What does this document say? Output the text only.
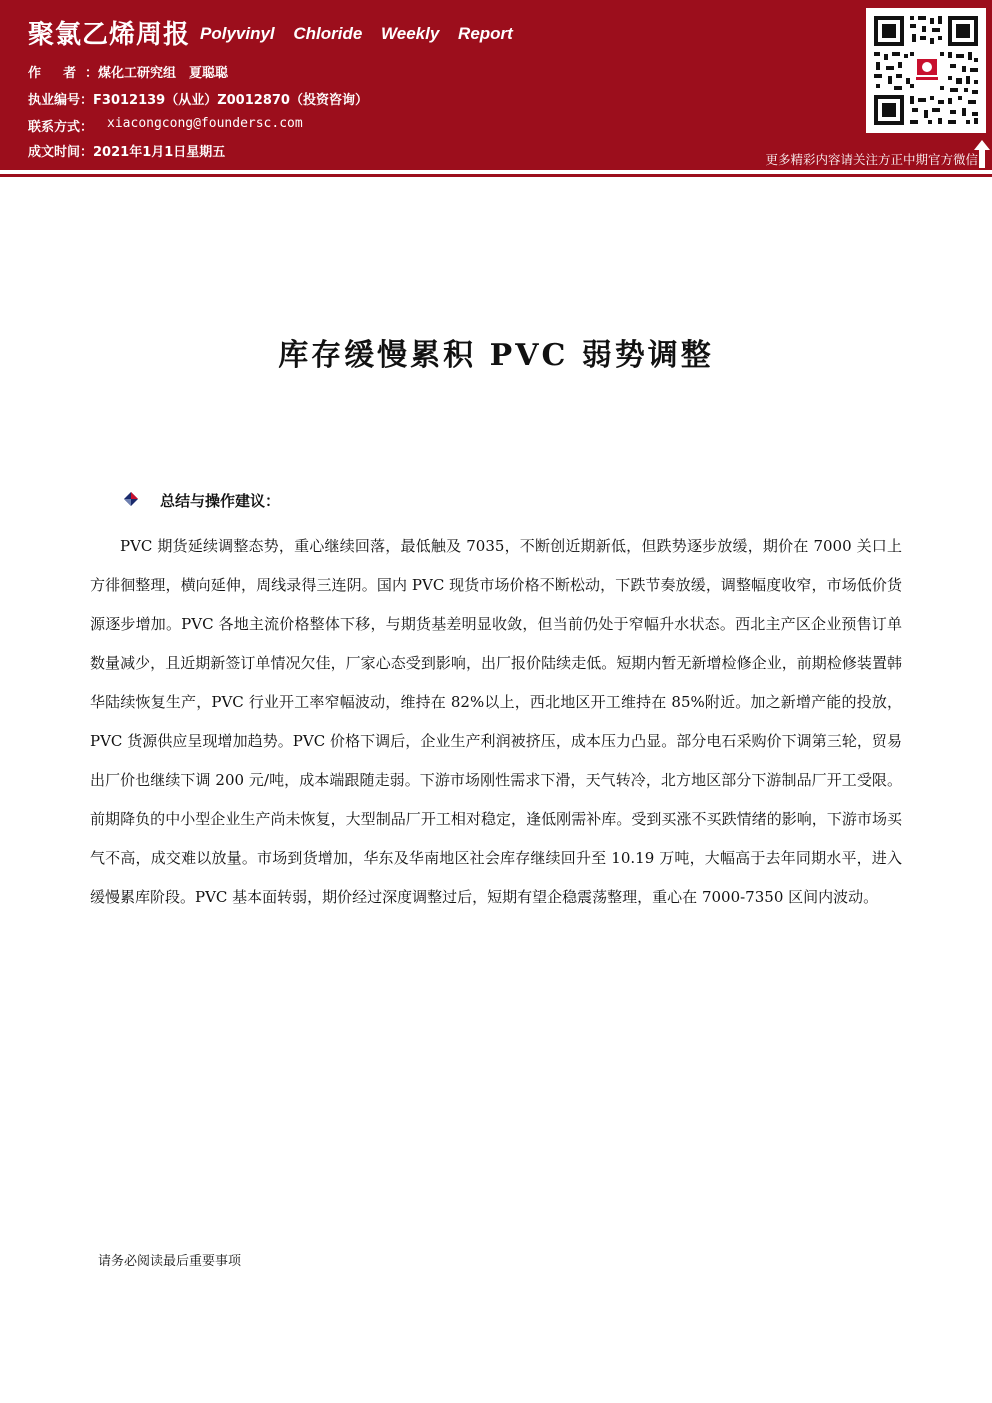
聚氯乙烯周报 Polyvinyl Chloride Weekly Report
作 者： 煤化工研究组　夏聪聪
执业编号： F3012139（从业）Z0012870（投资咨询）
联系方式： xiacongcong@foundersc.com
成文时间： 2021年1月1日星期五	更多精彩内容请关注方正中期官方微信
库存缓慢累积 PVC 弱势调整
总结与操作建议：

PVC 期货延续调整态势，重心继续回落，最低触及 7035，不断创近期新低，但跌势逐步放缓，期价在 7000 关口上方徘徊整理，横向延伸，周线录得三连阴。国内 PVC 现货市场价格不断松动，下跌节奏放缓，调整幅度收窄，市场低价货源逐步增加。PVC 各地主流价格整体下移，与期货基差明显收敛，但当前仍处于窄幅升水状态。西北主产区企业预售订单数量减少，且近期新签订单情况欠佳，厂家心态受到影响，出厂报价陆续走低。短期内暂无新增检修企业，前期检修装置韩华陆续恢复生产，PVC 行业开工率窄幅波动，维持在 82%以上，西北地区开工维持在 85%附近。加之新增产能的投放，PVC 货源供应呈现增加趋势。PVC 价格下调后，企业生产利润被挤压，成本压力凸显。部分电石采购价下调第三轮，贸易出厂价也继续下调 200 元/吨，成本端跟随走弱。下游市场刚性需求下滑，天气转冷，北方地区部分下游制品厂开工受限。前期降负的中小型企业生产尚未恢复，大型制品厂开工相对稳定，逢低刚需补库。受到买涨不买跌情绪的影响，下游市场买气不高，成交难以放量。市场到货增加，华东及华南地区社会库存继续回升至 10.19 万吨，大幅高于去年同期水平，进入缓慢累库阶段。PVC 基本面转弱，期价经过深度调整过后，短期有望企稳震荡整理，重心在 7000-7350 区间内波动。

请务必阅读最后重要事项
